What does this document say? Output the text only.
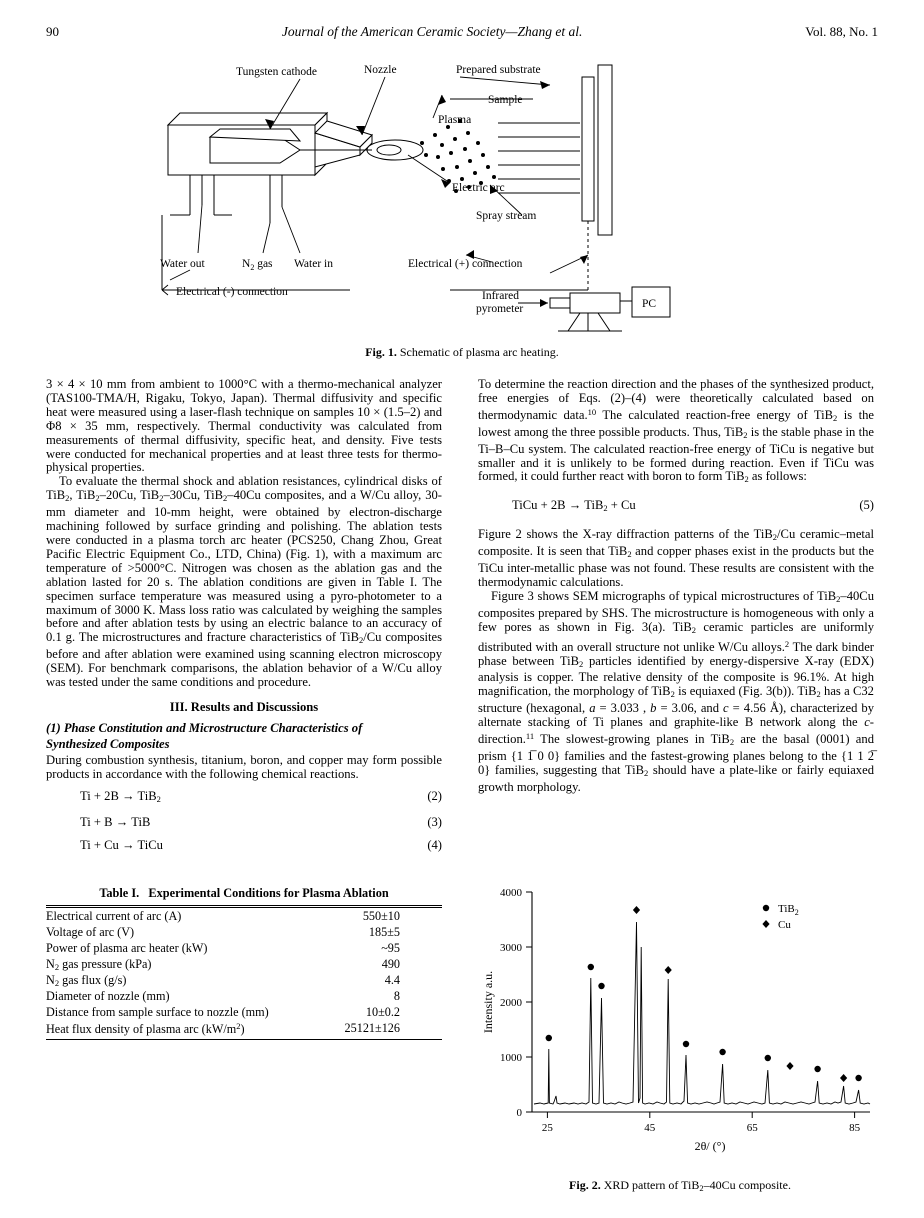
90	Journal of the American Ceramic Society—Zhang et al.	Vol. 88, No. 1
Tungsten cathode	Nozzle	Prepared substrate
Sample
Plasma
Electric arc
Spray stream
Water out	$N_2$ gas Water in
Electrical (-) connection
Electrical (+) connection
Infrared
pyrometer	PC
Fig. 1. Schematic of plasma arc heating.

3 × 4 × 10 mm from ambient to 1000°C with a thermo-mechanical analyzer (TAS100-TMA/H, Rigaku, Tokyo, Japan). Thermal diffusivity and specific heat were measured using a laser-flash technique on samples 10 × (1.5–2) and Φ8 × 35 mm, respectively. Thermal conductivity was calculated from measurements of thermal diffusivity, specific heat, and density. Five tests were conducted for mechanical properties and at least three tests for thermo-physical properties.

To evaluate the thermal shock and ablation resistances, cylindrical disks of TiB$_2$, TiB$_2$–20Cu, TiB$_2$–30Cu, TiB$_2$–40Cu composites, and a W/Cu alloy, 30-mm diameter and 10-mm height, were obtained by electron-discharge machining followed by surface grinding and polishing. The ablation tests were conducted in a plasma torch arc heater (PCS250, Chang Zhou, Great Pacific Electric Equipment Co., LTD, China) (Fig. 1), with a maximum arc temperature of >5000°C. Nitrogen was chosen as the ablation gas and the ablation lasted for 20 s. The ablation conditions are given in Table I. The specimen surface temperature was measured using a pyro-photometer to a maximum of 3000 K. Mass loss ratio was calculated by weighing the samples before and after ablation tests by using an electric balance to an accuracy of 0.1 g. The microstructures and fracture characteristics of TiB$_2$/Cu composites before and after ablation were examined using scanning electron microscopy (SEM). For benchmark comparisons, the ablation behavior of a W/Cu alloy was tested under the same conditions and procedure.

III. Results and Discussions
(1) Phase Constitution and Microstructure Characteristics of
Synthesized Composites

During combustion synthesis, titanium, boron, and copper may form possible products in accordance with the following chemical reactions.

Ti + 2B → TiB$_2$	(2)
Ti + B → TiB	(3)
Ti + Cu → TiCu	(4)
Table I. Experimental Conditions for Plasma Ablation
Electrical current of arc (A)	550±10
Voltage of arc (V)	185±5
Power of plasma arc heater (kW)	~95
$N_2$ gas pressure (kPa)	490
$N_2$ gas flux (g/s)	4.4
Diameter of nozzle (mm)	8
Distance from sample surface to nozzle (mm)	10±0.2
Heat flux density of plasma arc $(kW/m^2)$	25121±126

To determine the reaction direction and the phases of the synthesized product, free energies of Eqs. (2)–(4) were theoretically calculated based on thermodynamic data.$^{10}$ The calculated reaction-free energy of TiB$_2$ is the lowest among the three possible products. Thus, TiB$_2$ is the stable phase in the Ti–B–Cu system. The calculated reaction-free energy of TiCu is negative but smaller and it is unlikely to be formed during reaction. Even if TiCu was formed, it could further react with boron to form TiB$_2$ as follows:

TiCu + 2B → TiB$_2$ + Cu	(5)

Figure 2 shows the X-ray diffraction patterns of the TiB$_2$/Cu ceramic–metal composite. It is seen that TiB$_2$ and copper phases exist in the products but the TiCu inter-metallic phase was not found. These results are consistent with the thermodynamic calculations.

Figure 3 shows SEM micrographs of typical microstructures of TiB$_2$–40Cu composites prepared by SHS. The microstructure is homogeneous with only a few pores as shown in Fig. 3(a). TiB$_2$ ceramic particles are uniformly distributed with an overall structure not unlike W/Cu alloys.$^2$ The dark binder phase between TiB$_2$ particles identified by energy-dispersive X-ray (EDX) analysis is copper. The relative density of the composite is 96.1%. At high magnification, the morphology of TiB$_2$ is equiaxed (Fig. 3(b)). TiB$_2$ has a C32 structure (hexagonal, a = 3.033 , b = 3.06, and c = 4.56 Å), characterized by alternate stacking of Ti planes and graphite-like B network along the c-direction.$^{11}$ The slowest-growing planes in TiB$_2$ are the basal (0001) and prism {1 1̅ 0 0} families and the fastest-growing planes belong to the {1 1 2̅ 0} families, suggesting that TiB$_2$ should have a plate-like or fairly equiaxed growth morphology.

0
1000
2000
3000
4000
25	45	65	85
2θ/ (°)
Intensity a.u.
TiB$_2$
Cu
Fig. 2. XRD pattern of TiB$_2$–40Cu composite.
